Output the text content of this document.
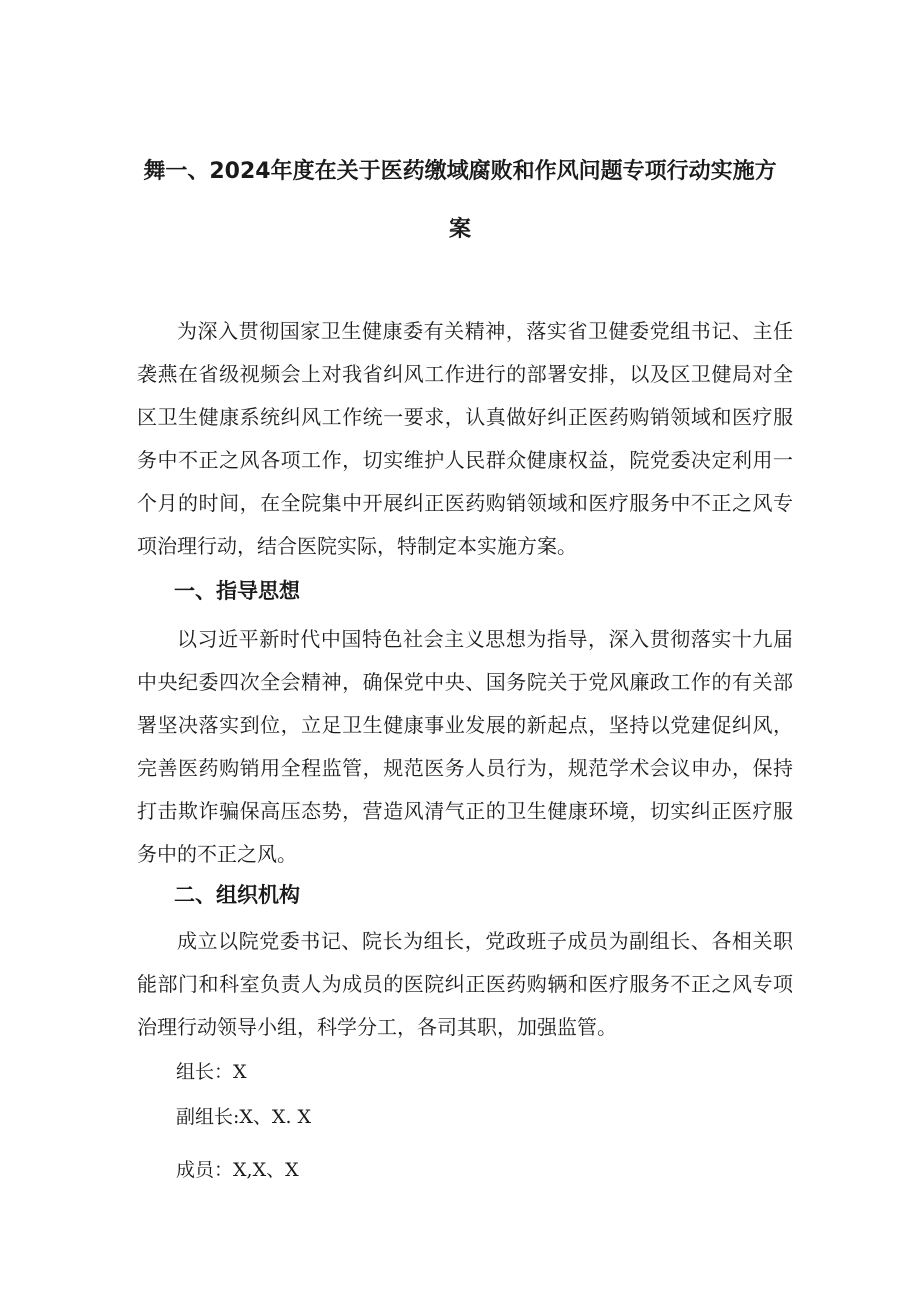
舞一、2024年度在关于医药缴域腐败和作风问题专项行动实施方
案

为深入贯彻国家卫生健康委有关精神，落实省卫健委党组书记、主任袭燕在省级视频会上对我省纠风工作进行的部署安排，以及区卫健局对全区卫生健康系统纠风工作统一要求，认真做好纠正医药购销领域和医疗服务中不正之风各项工作，切实维护人民群众健康权益，院党委决定利用一个月的时间，在全院集中开展纠正医药购销领域和医疗服务中不正之风专项治理行动，结合医院实际，特制定本实施方案。

一、指导思想

以习近平新时代中国特色社会主义思想为指导，深入贯彻落实十九届中央纪委四次全会精神，确保党中央、国务院关于党风廉政工作的有关部署坚决落实到位，立足卫生健康事业发展的新起点，坚持以党建促纠风，完善医药购销用全程监管，规范医务人员行为，规范学术会议申办，保持打击欺诈骗保高压态势，营造风清气正的卫生健康环境，切实纠正医疗服务中的不正之风。

二、组织机构

成立以院党委书记、院长为组长，党政班子成员为副组长、各相关职能部门和科室负责人为成员的医院纠正医药购辆和医疗服务不正之风专项治理行动领导小组，科学分工，各司其职，加强监管。

组长：X
副组长:X、X. X
成员：X,X、X
